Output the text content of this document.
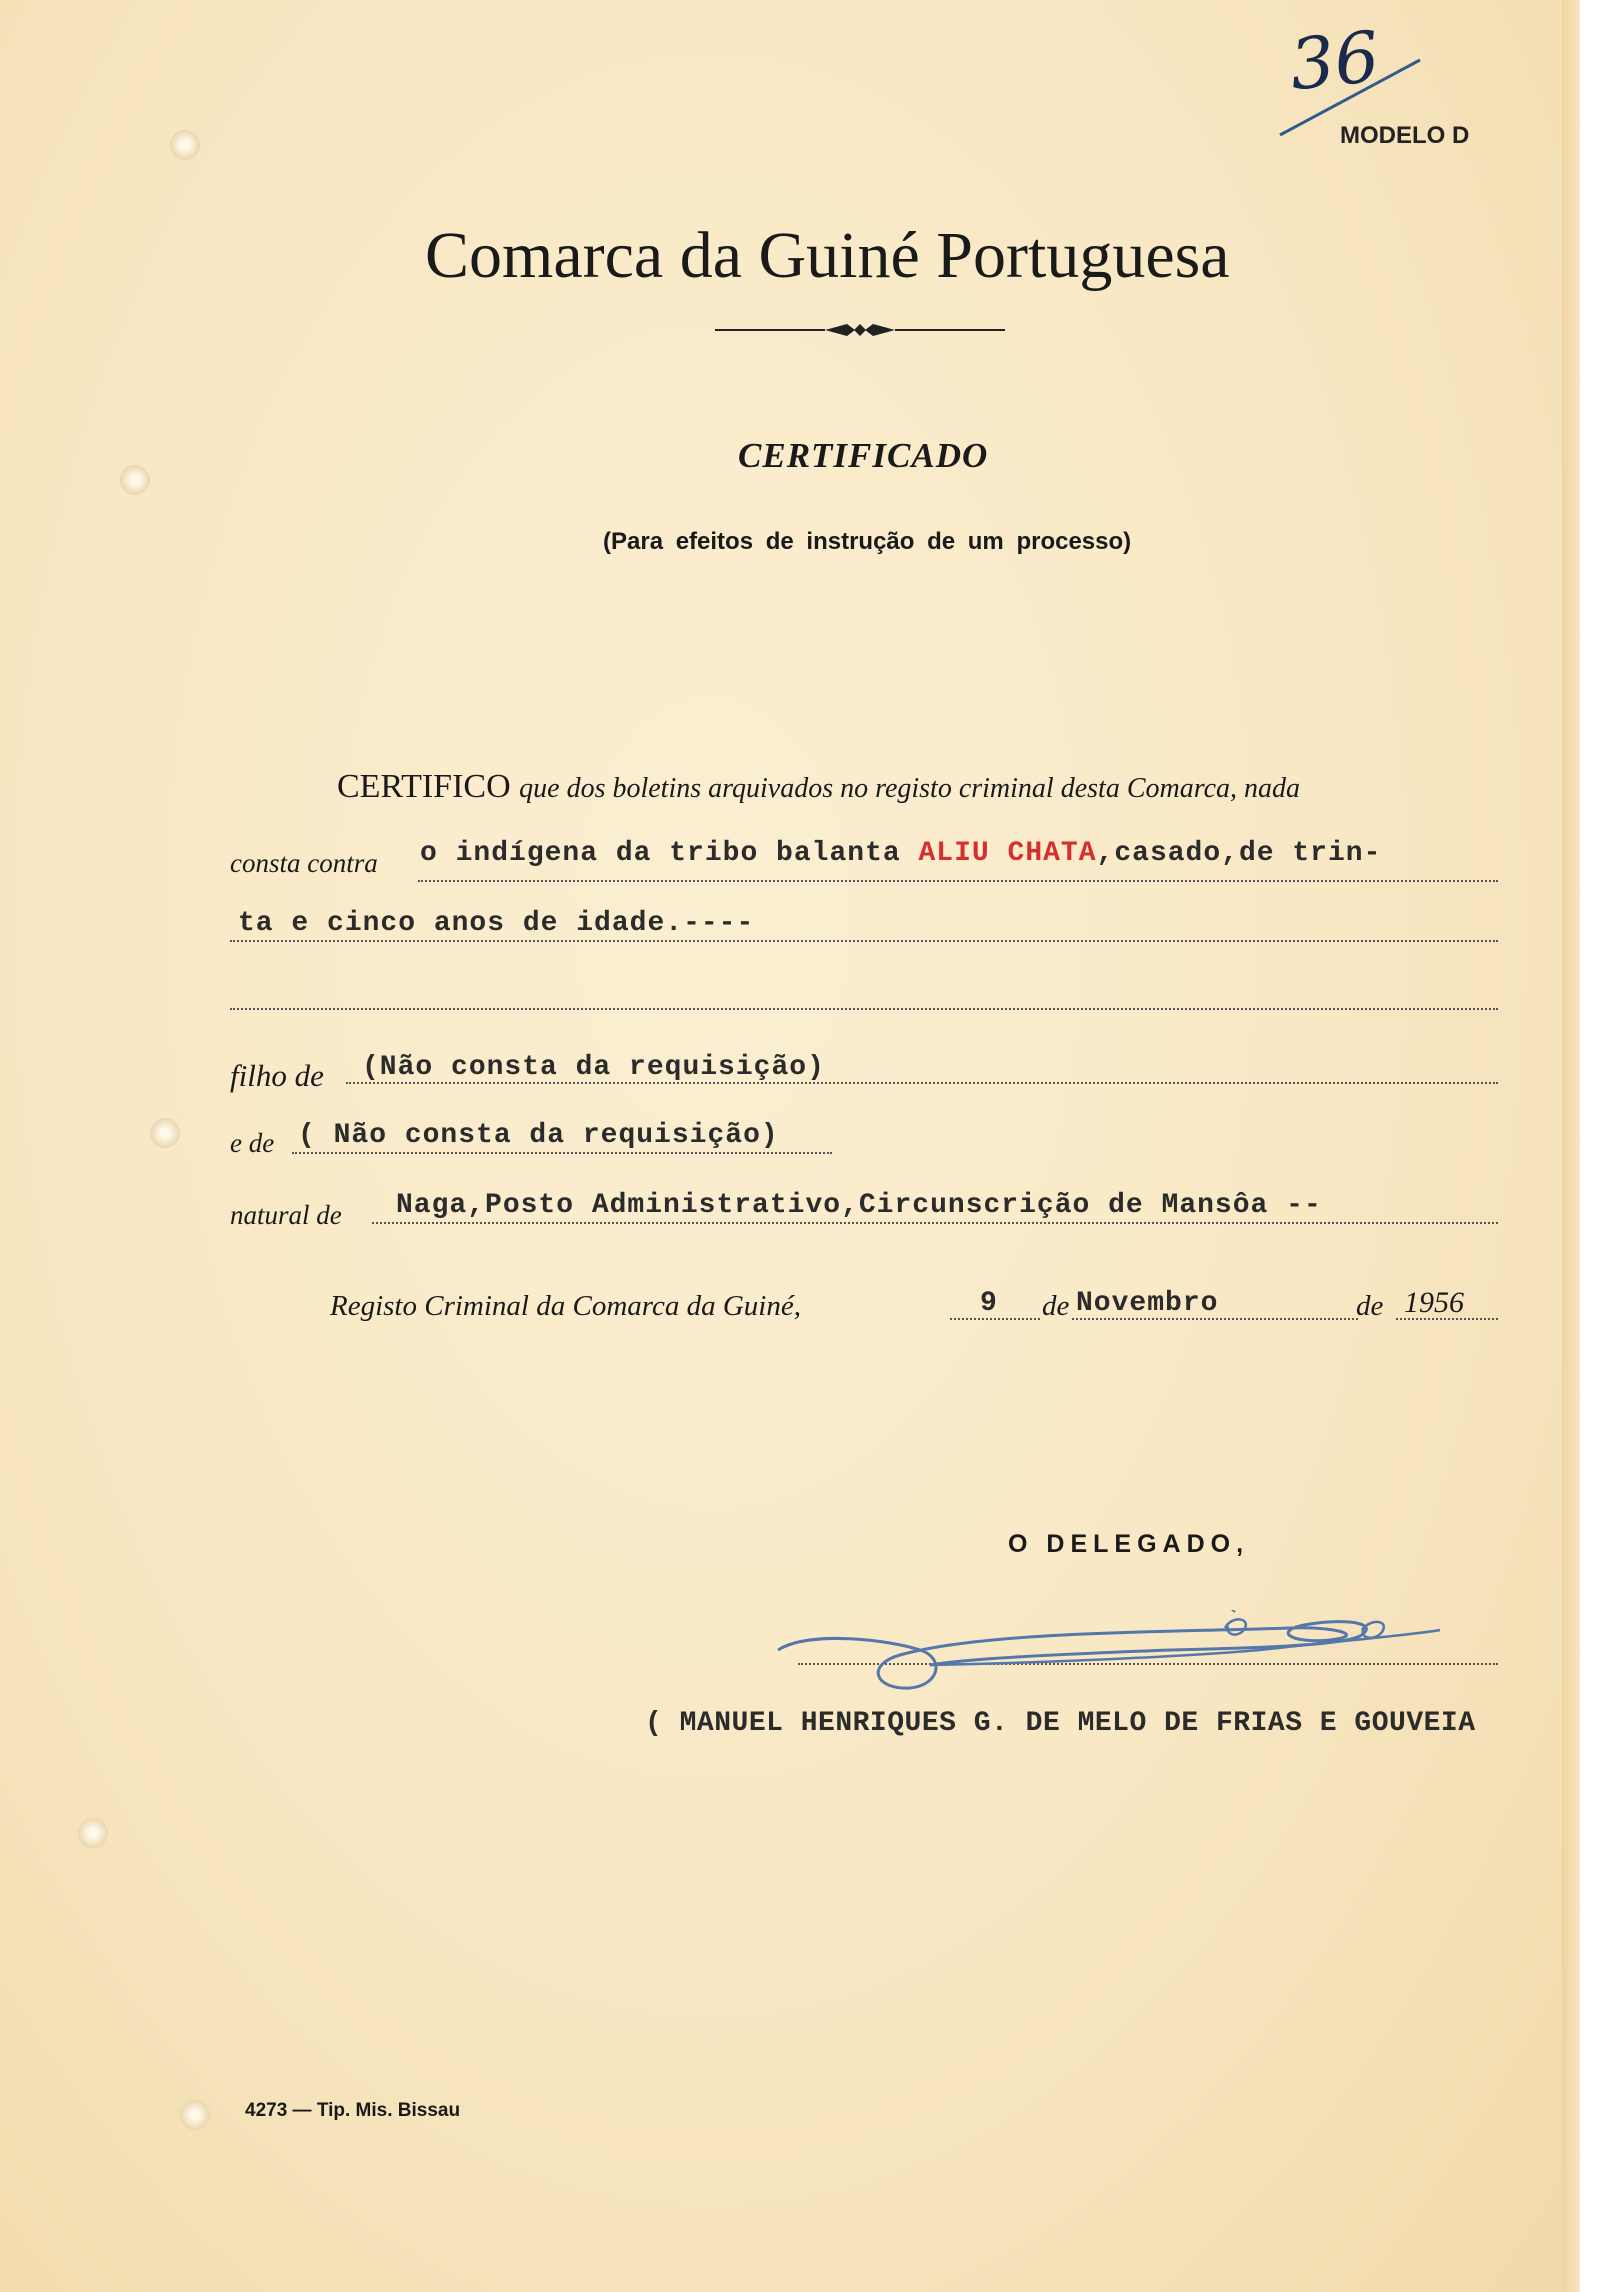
36
MODELO D
Comarca da Guiné Portuguesa
CERTIFICADO
(Para efeitos de instrução de um processo)
CERTIFICO que dos boletins arquivados no registo criminal desta Comarca, nada
consta contra o indígena da tribo balanta ALIU CHATA,casado,de trin-
ta e cinco anos de idade.----
filho de (Não consta da requisição)
e de ( Não consta da requisição)
natural de Naga,Posto Administrativo,Circunscrição de Mansôa --
Registo Criminal da Comarca da Guiné,	9 de Novembro	de 1956
O DELEGADO,
( MANUEL HENRIQUES G. DE MELO DE FRIAS E GOUVEIA
4273 — Tip. Mis. Bissau
